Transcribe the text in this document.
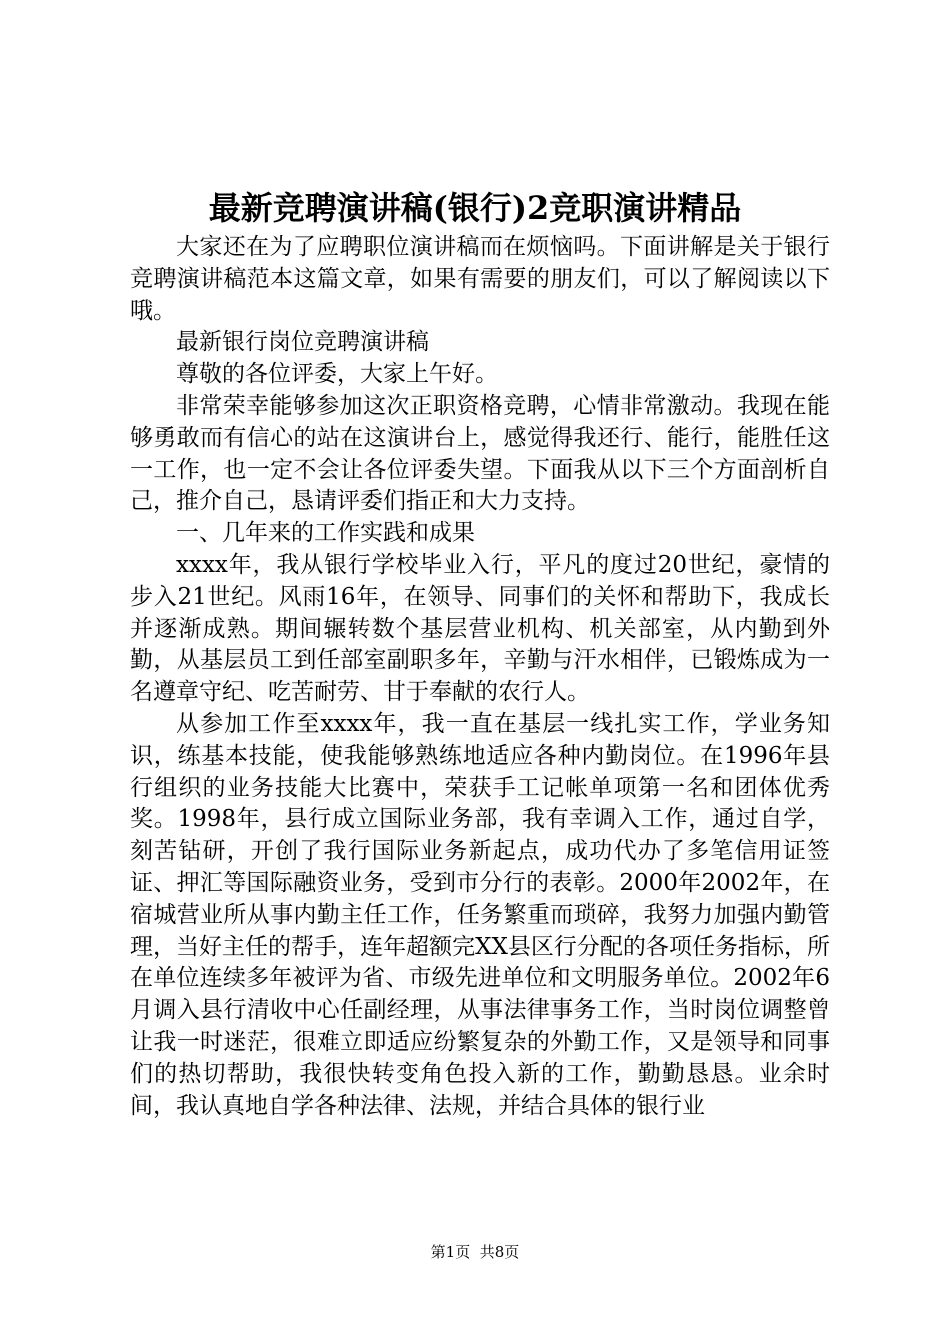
最新竞聘演讲稿(银行)2竞职演讲精品

大家还在为了应聘职位演讲稿而在烦恼吗。下面讲解是关于银行竞聘演讲稿范本这篇文章，如果有需要的朋友们，可以了解阅读以下哦。

最新银行岗位竞聘演讲稿

尊敬的各位评委，大家上午好。

非常荣幸能够参加这次正职资格竞聘，心情非常激动。我现在能够勇敢而有信心的站在这演讲台上，感觉得我还行、能行，能胜任这一工作，也一定不会让各位评委失望。下面我从以下三个方面剖析自己，推介自己，恳请评委们指正和大力支持。

一、几年来的工作实践和成果

xxxx年，我从银行学校毕业入行，平凡的度过20世纪，豪情的步入21世纪。风雨16年，在领导、同事们的关怀和帮助下，我成长并逐渐成熟。期间辗转数个基层营业机构、机关部室，从内勤到外勤，从基层员工到任部室副职多年，辛勤与汗水相伴，已锻炼成为一名遵章守纪、吃苦耐劳、甘于奉献的农行人。

从参加工作至xxxx年，我一直在基层一线扎实工作，学业务知识，练基本技能，使我能够熟练地适应各种内勤岗位。在1996年县行组织的业务技能大比赛中，荣获手工记帐单项第一名和团体优秀奖。1998年，县行成立国际业务部，我有幸调入工作，通过自学，刻苦钻研，开创了我行国际业务新起点，成功代办了多笔信用证签证、押汇等国际融资业务，受到市分行的表彰。2000年2002年，在宿城营业所从事内勤主任工作，任务繁重而琐碎，我努力加强内勤管理，当好主任的帮手，连年超额完XX县区行分配的各项任务指标，所在单位连续多年被评为省、市级先进单位和文明服务单位。2002年6月调入县行清收中心任副经理，从事法律事务工作，当时岗位调整曾让我一时迷茫，很难立即适应纷繁复杂的外勤工作，又是领导和同事们的热切帮助，我很快转变角色投入新的工作，勤勤恳恳。业余时间，我认真地自学各种法律、法规，并结合具体的银行业

第1页 共8页
